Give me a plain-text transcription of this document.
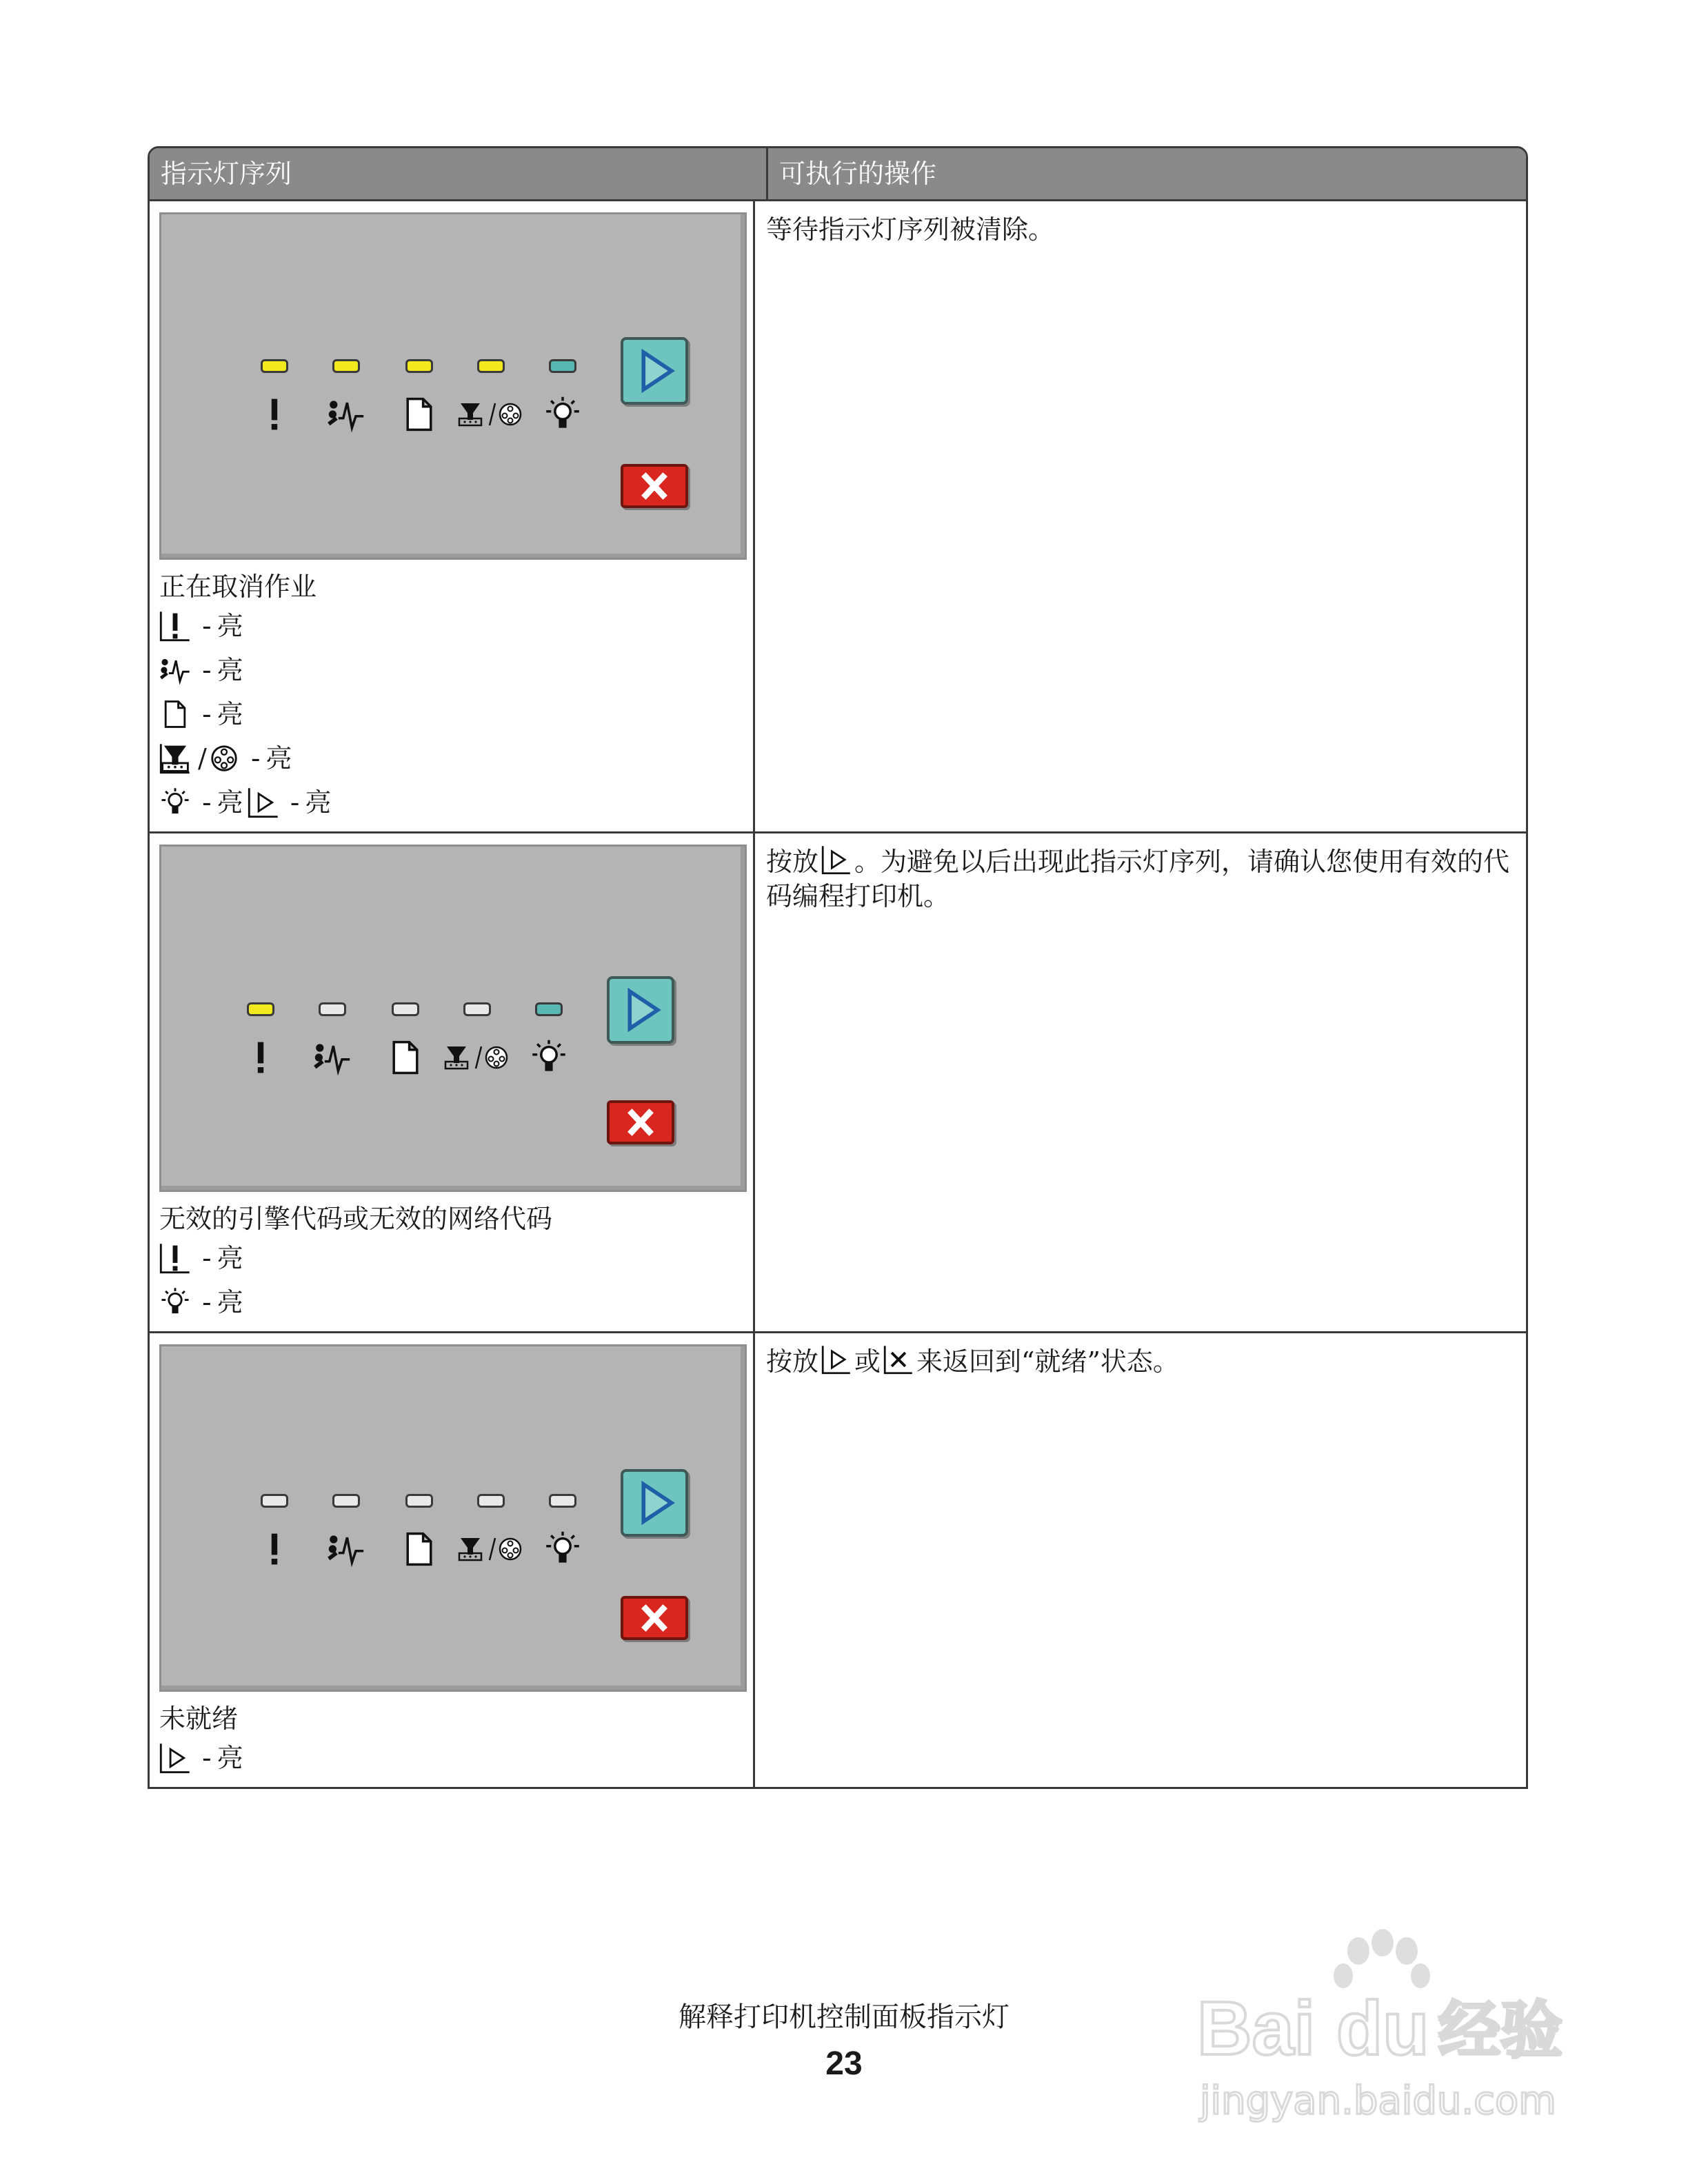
指示灯序列	可执行的操作
正在取消作业
- 亮
- 亮
- 亮
/ - 亮
- 亮 - 亮
等待指示灯序列被清除。
无效的引擎代码或无效的网络代码
- 亮
- 亮
按放 。为避免以后出现此指示灯序列，请确认您使用有效的代码编程打印机。
未就绪
- 亮
按放 或 来返回到“就绪”状态。
解释打印机控制面板指示灯
23	Bai du 经验
jingyan.baidu.com
